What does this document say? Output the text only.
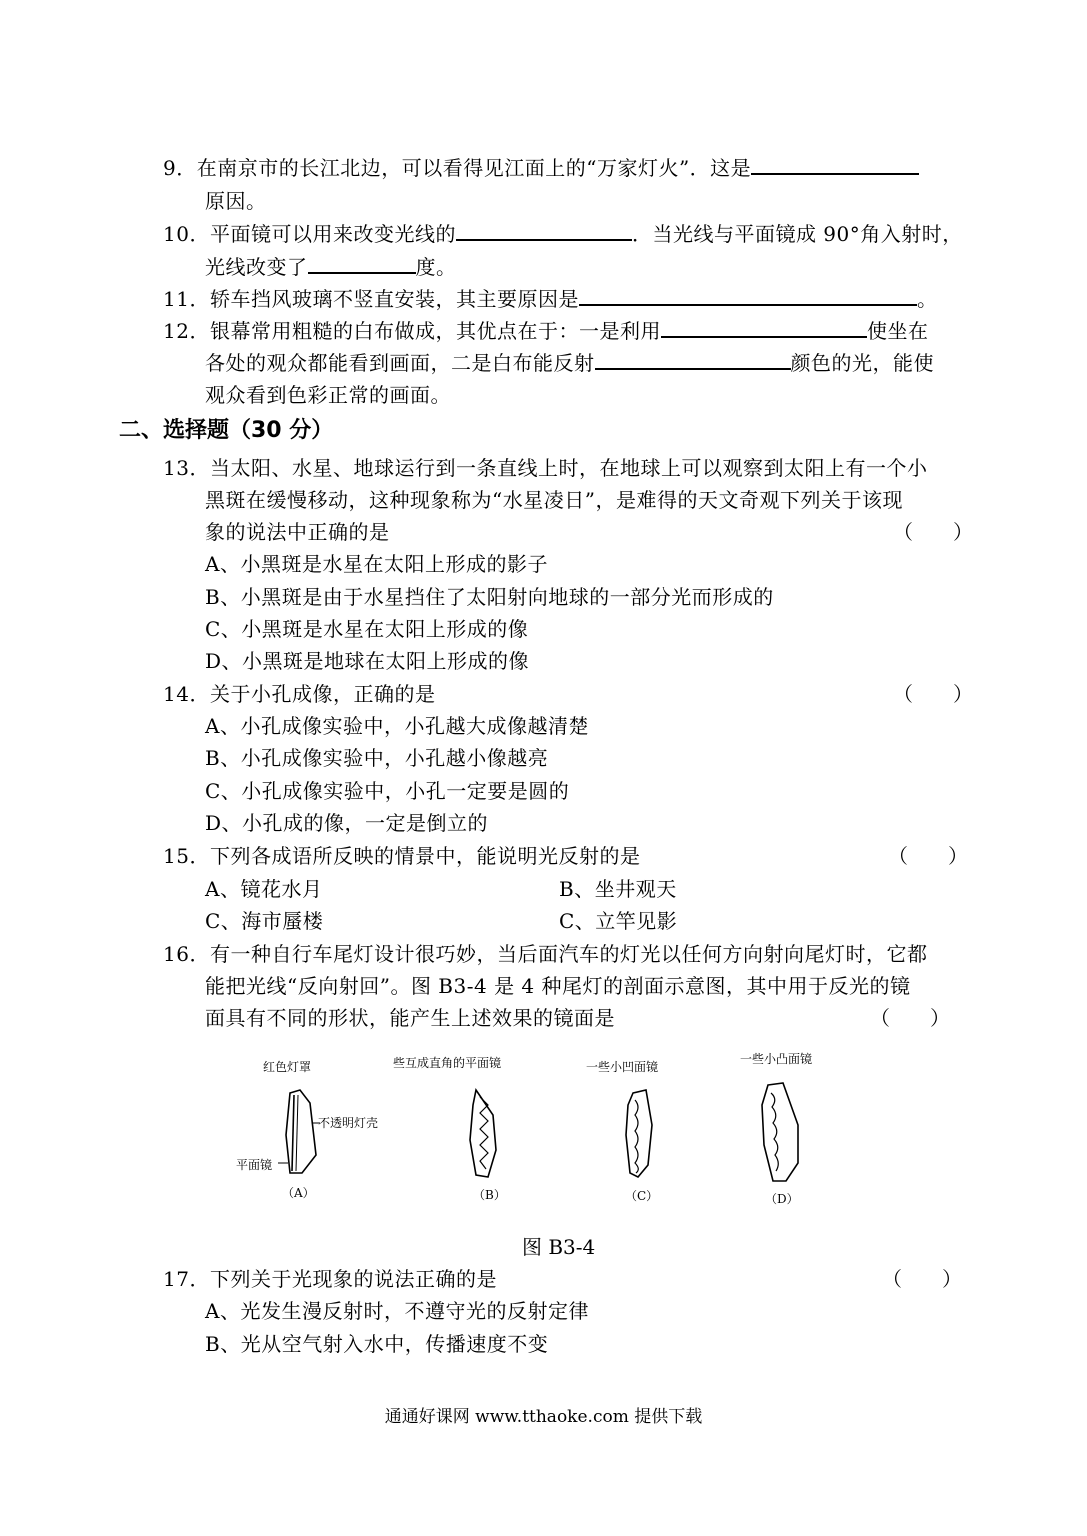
9．在南京市的长江北边，可以看得见江面上的“万家灯火”．这是
原因。
10．平面镜可以用来改变光线的	．当光线与平面镜成 90°角入射时，
光线改变了	度。
11．轿车挡风玻璃不竖直安装，其主要原因是	。
12．银幕常用粗糙的白布做成，其优点在于：一是利用	使坐在
各处的观众都能看到画面，二是白布能反射	颜色的光，能使
观众看到色彩正常的画面。
二、选择题（30 分）
13．当太阳、水星、地球运行到一条直线上时，在地球上可以观察到太阳上有一个小
黑斑在缓慢移动，这种现象称为“水星凌日”，是难得的天文奇观下列关于该现
象的说法中正确的是	（　　）
A、小黑斑是水星在太阳上形成的影子
B、小黑斑是由于水星挡住了太阳射向地球的一部分光而形成的
C、小黑斑是水星在太阳上形成的像
D、小黑斑是地球在太阳上形成的像
14．关于小孔成像，正确的是	（　　）
A、小孔成像实验中，小孔越大成像越清楚
B、小孔成像实验中，小孔越小像越亮
C、小孔成像实验中，小孔一定要是圆的
D、小孔成的像，一定是倒立的
15．下列各成语所反映的情景中，能说明光反射的是	（　　）
A、镜花水月	B、坐井观天
C、海市蜃楼	C、立竿见影
16．有一种自行车尾灯设计很巧妙，当后面汽车的灯光以任何方向射向尾灯时，它都
能把光线“反向射回”。图 B3-4 是 4 种尾灯的剖面示意图，其中用于反光的镜
面具有不同的形状，能产生上述效果的镜面是	（　　）
红色灯罩
不透明灯壳
平面镜
（A）
些互成直角的平面镜
（B）
一些小凹面镜
（C）
一些小凸面镜
（D）
图 B3-4
17．下列关于光现象的说法正确的是	（　　）
A、光发生漫反射时，不遵守光的反射定律
B、光从空气射入水中，传播速度不变
通通好课网 www.tthaoke.com 提供下载
